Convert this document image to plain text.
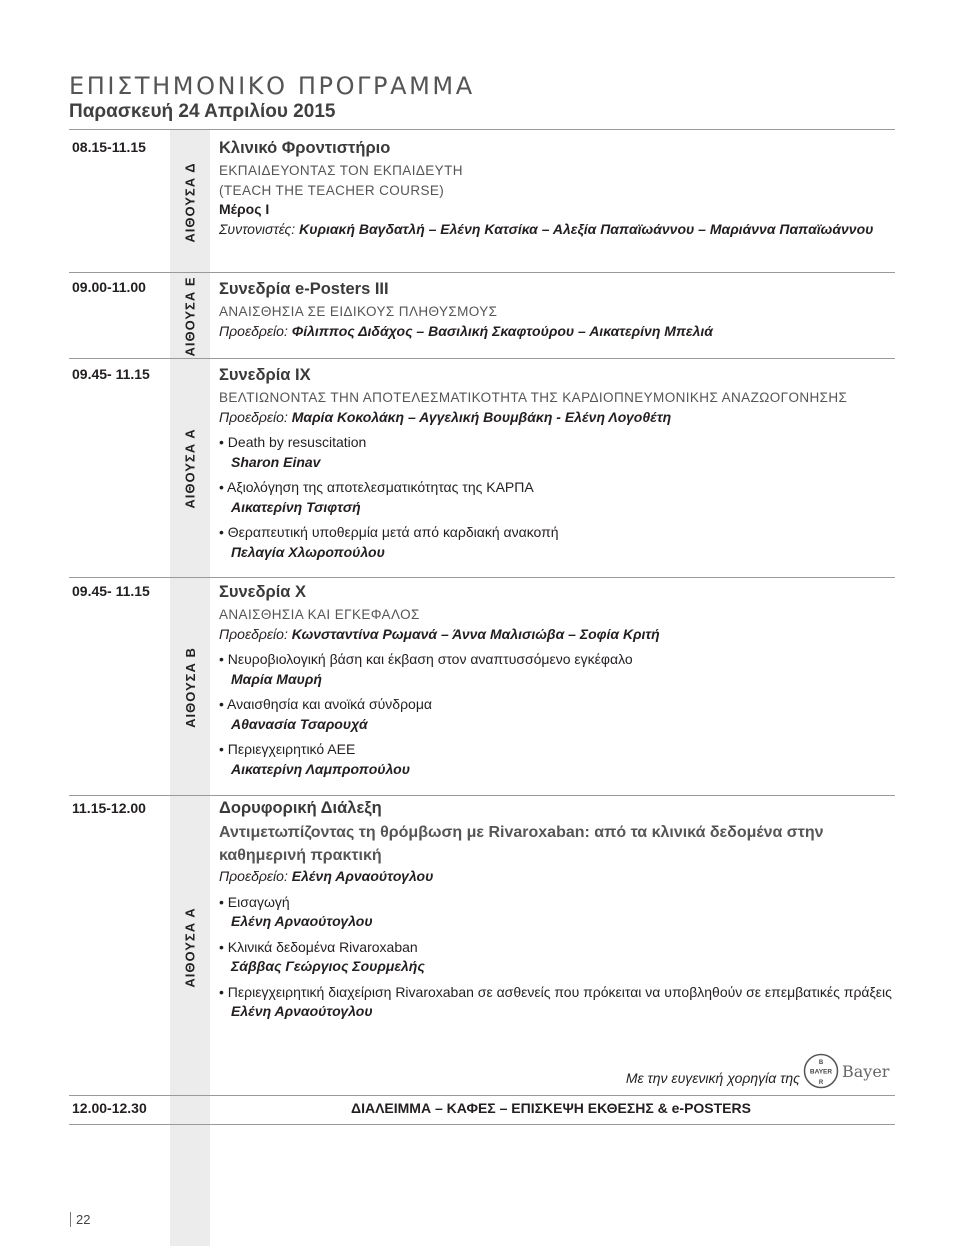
ΕΠΙΣΤΗΜΟΝΙΚΟ ΠΡΟΓΡΑΜΜΑ
Παρασκευή 24 Απριλίου 2015
08.15-11.15
ΑΙΘΟΥΣΑ Δ
Κλινικό Φροντιστήριο
ΕΚΠΑΙΔΕΥΟΝΤΑΣ ΤΟΝ ΕΚΠΑΙΔΕΥΤΗ
(TEACH THE TEACHER COURSE)
Μέρος Ι
Συντονιστές: Κυριακή Βαγδατλή – Ελένη Κατσίκα – Αλεξία Παπαϊωάννου – Μαριάννα Παπαϊωάννου
09.00-11.00	ΑΙΘΟΥΣΑ Ε Συνεδρία e-Posters ΙΙΙ
ΑΝΑΙΣΘΗΣΙΑ ΣΕ ΕΙΔΙΚΟΥΣ ΠΛΗΘΥΣΜΟΥΣ
Προεδρείο: Φίλιππος Διδάχος – Βασιλική Σκαφτούρου – Αικατερίνη Μπελιά
09.45- 11.15
ΑΙΘΟΥΣΑ Α
Συνεδρία ΙΧ
ΒΕΛΤΙΩΝΟΝΤΑΣ ΤΗΝ ΑΠΟΤΕΛΕΣΜΑΤΙΚΟΤΗΤΑ ΤΗΣ ΚΑΡΔΙΟΠΝΕΥΜΟΝΙΚΗΣ ΑΝΑΖΩΟΓΟΝΗΣΗΣ
Προεδρείο: Μαρία Κοκολάκη – Αγγελική Βουμβάκη - Ελένη Λογοθέτη
• Death by resuscitation
Sharon Einav
• Αξιολόγηση της αποτελεσματικότητας της ΚΑΡΠΑ
Αικατερίνη Τσιφτσή
• Θεραπευτική υποθερμία μετά από καρδιακή ανακοπή
Πελαγία Χλωροπούλου
09.45- 11.15
ΑΙΘΟΥΣΑ Β
Συνεδρία Χ
ΑΝΑΙΣΘΗΣΙΑ ΚΑΙ ΕΓΚΕΦΑΛΟΣ
Προεδρείο: Κωνσταντίνα Ρωμανά – Άννα Μαλισιώβα – Σοφία Κριτή
• Νευροβιολογική βάση και έκβαση στον αναπτυσσόμενο εγκέφαλο
Μαρία Μαυρή
• Αναισθησία και ανοϊκά σύνδρομα
Αθανασία Τσαρουχά
• Περιεγχειρητικό ΑΕΕ
Αικατερίνη Λαμπροπούλου
11.15-12.00
ΑΙΘΟΥΣΑ Α
Δορυφορική Διάλεξη
Αντιμετωπίζοντας τη θρόμβωση με Rivaroxaban: από τα κλινικά δεδομένα στην καθημερινή πρακτική
Προεδρείο: Ελένη Αρναούτογλου
• Εισαγωγή
Ελένη Αρναούτογλου
• Κλινικά δεδομένα Rivaroxaban
Σάββας Γεώργιος Σουρμελής
• Περιεγχειρητική διαχείριση Rivaroxaban σε ασθενείς που πρόκειται να υποβληθούν σε επεμβατικές πράξεις
Ελένη Αρναούτογλου
Με την ευγενική χορηγία της BAYER
B
R
Bayer
12.00-12.30	ΔΙΑΛΕΙΜΜΑ – ΚΑΦΕΣ – ΕΠΙΣΚΕΨΗ ΕΚΘΕΣΗΣ & e-POSTERS
22
